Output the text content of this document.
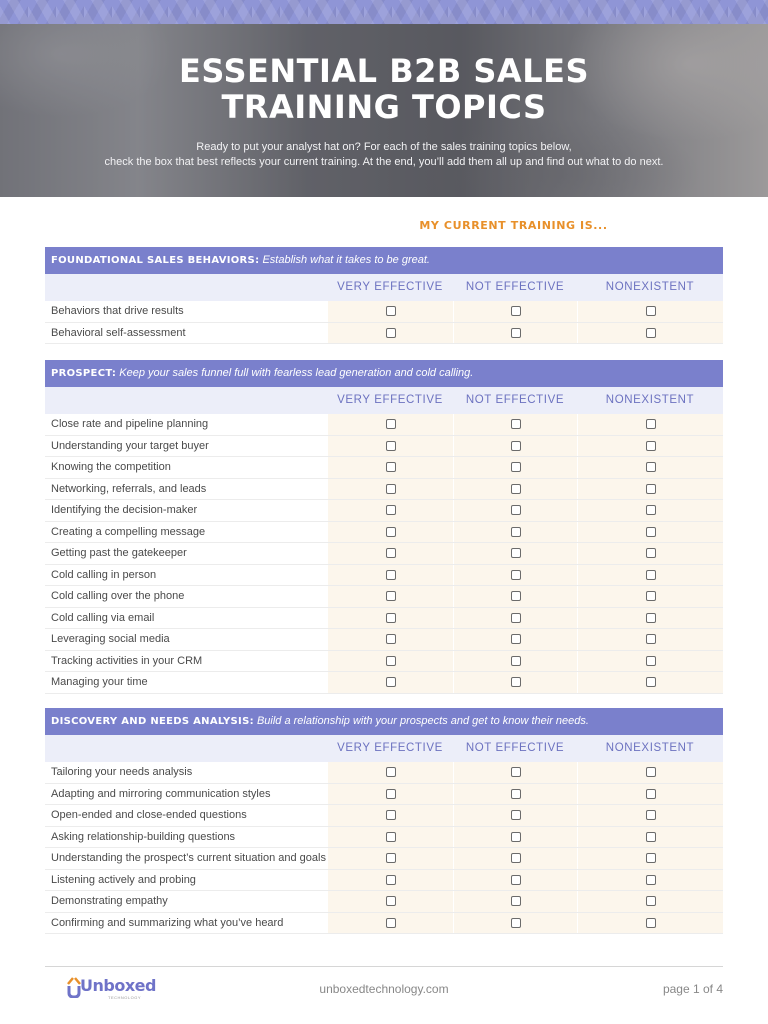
ESSENTIAL B2B SALES
TRAINING TOPICS
Ready to put your analyst hat on? For each of the sales training topics below,
check the box that best reflects your current training. At the end, you’ll add them all up and find out what to do next.
MY CURRENT TRAINING IS...
FOUNDATIONAL SALES BEHAVIORS: Establish what it takes to be great.
VERY EFFECTIVE	NOT EFFECTIVE	NONEXISTENT
Behaviors that drive results
Behavioral self-assessment
PROSPECT: Keep your sales funnel full with fearless lead generation and cold calling.
VERY EFFECTIVE	NOT EFFECTIVE	NONEXISTENT
Close rate and pipeline planning
Understanding your target buyer
Knowing the competition
Networking, referrals, and leads
Identifying the decision-maker
Creating a compelling message
Getting past the gatekeeper
Cold calling in person
Cold calling over the phone
Cold calling via email
Leveraging social media
Tracking activities in your CRM
Managing your time
DISCOVERY AND NEEDS ANALYSIS: Build a relationship with your prospects and get to know their needs.
VERY EFFECTIVE	NOT EFFECTIVE	NONEXISTENT
Tailoring your needs analysis
Adapting and mirroring communication styles
Open-ended and close-ended questions
Asking relationship-building questions
Understanding the prospect’s current situation and goals
Listening actively and probing
Demonstrating empathy
Confirming and summarizing what you’ve heard
Unboxed
TECHNOLOGY
unboxedtechnology.com	page 1 of 4
